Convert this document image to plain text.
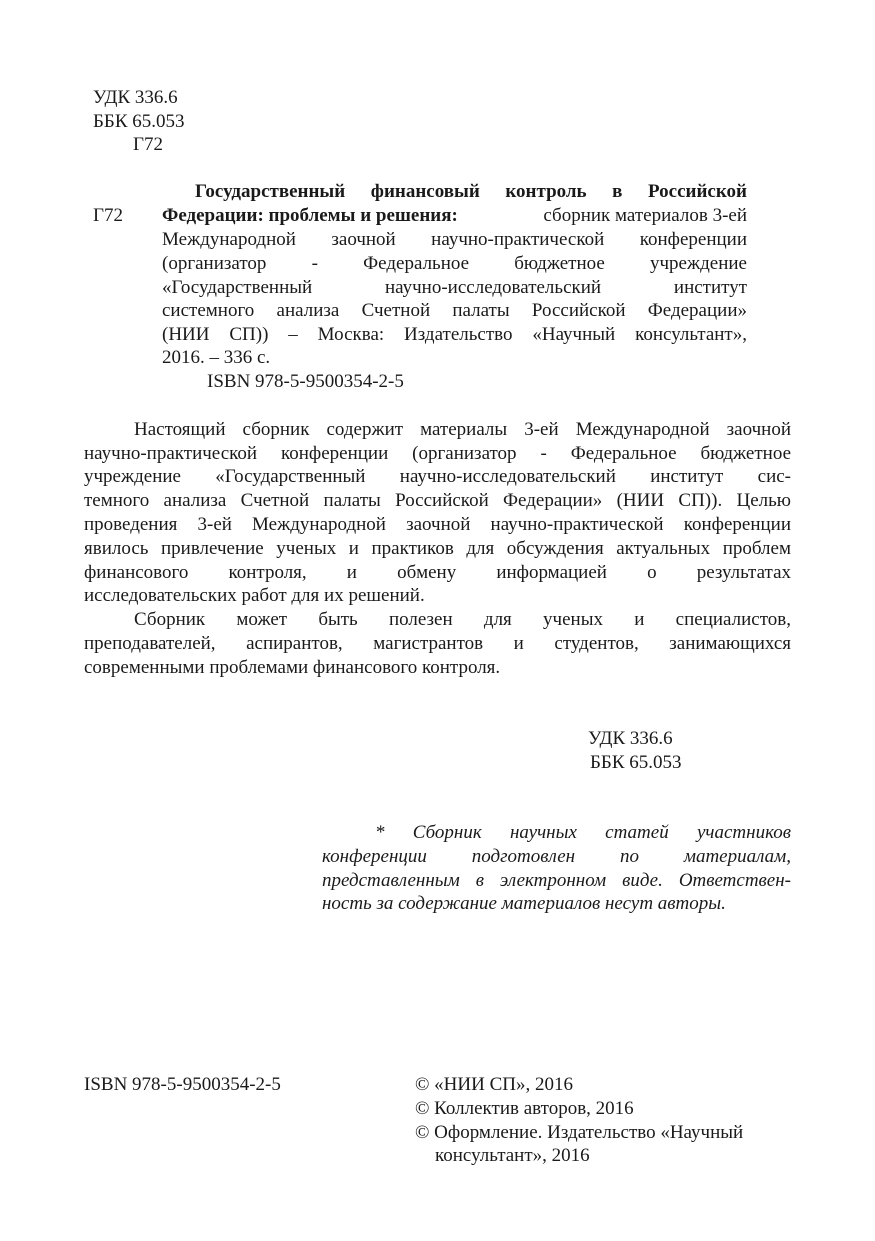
УДК 336.6
ББК 65.053
Г72
Государственный финансовый контроль в Российской
Г72 Федерации: проблемы и решения:	сборник материалов 3-ей
Международной заочной научно-практической конференции
(организатор - Федеральное бюджетное учреждение
«Государственный научно-исследовательский институт
системного анализа Счетной палаты Российской Федерации»
(НИИ СП)) – Москва: Издательство «Научный консультант»,
2016. – 336 с.
ISBN 978-5-9500354-2-5
Настоящий сборник содержит материалы 3-ей Международной заочной
научно-практической конференции (организатор - Федеральное бюджетное
учреждение «Государственный научно-исследовательский институт сис-
темного анализа Счетной палаты Российской Федерации» (НИИ СП)). Целью
проведения 3-ей Международной заочной научно-практической конференции
явилось привлечение ученых и практиков для обсуждения актуальных проблем
финансового контроля, и обмену информацией о результатах
исследовательских работ для их решений.
Сборник может быть полезен для ученых и специалистов,
преподавателей, аспирантов, магистрантов и студентов, занимающихся
современными проблемами финансового контроля.
УДК 336.6
ББК 65.053
* Сборник научных статей участников
конференции подготовлен по материалам,
представленным в электронном виде. Ответствен-
ность за содержание материалов несут авторы.
ISBN 978-5-9500354-2-5	© «НИИ СП», 2016
© Коллектив авторов, 2016
© Оформление. Издательство «Научный
консультант», 2016
